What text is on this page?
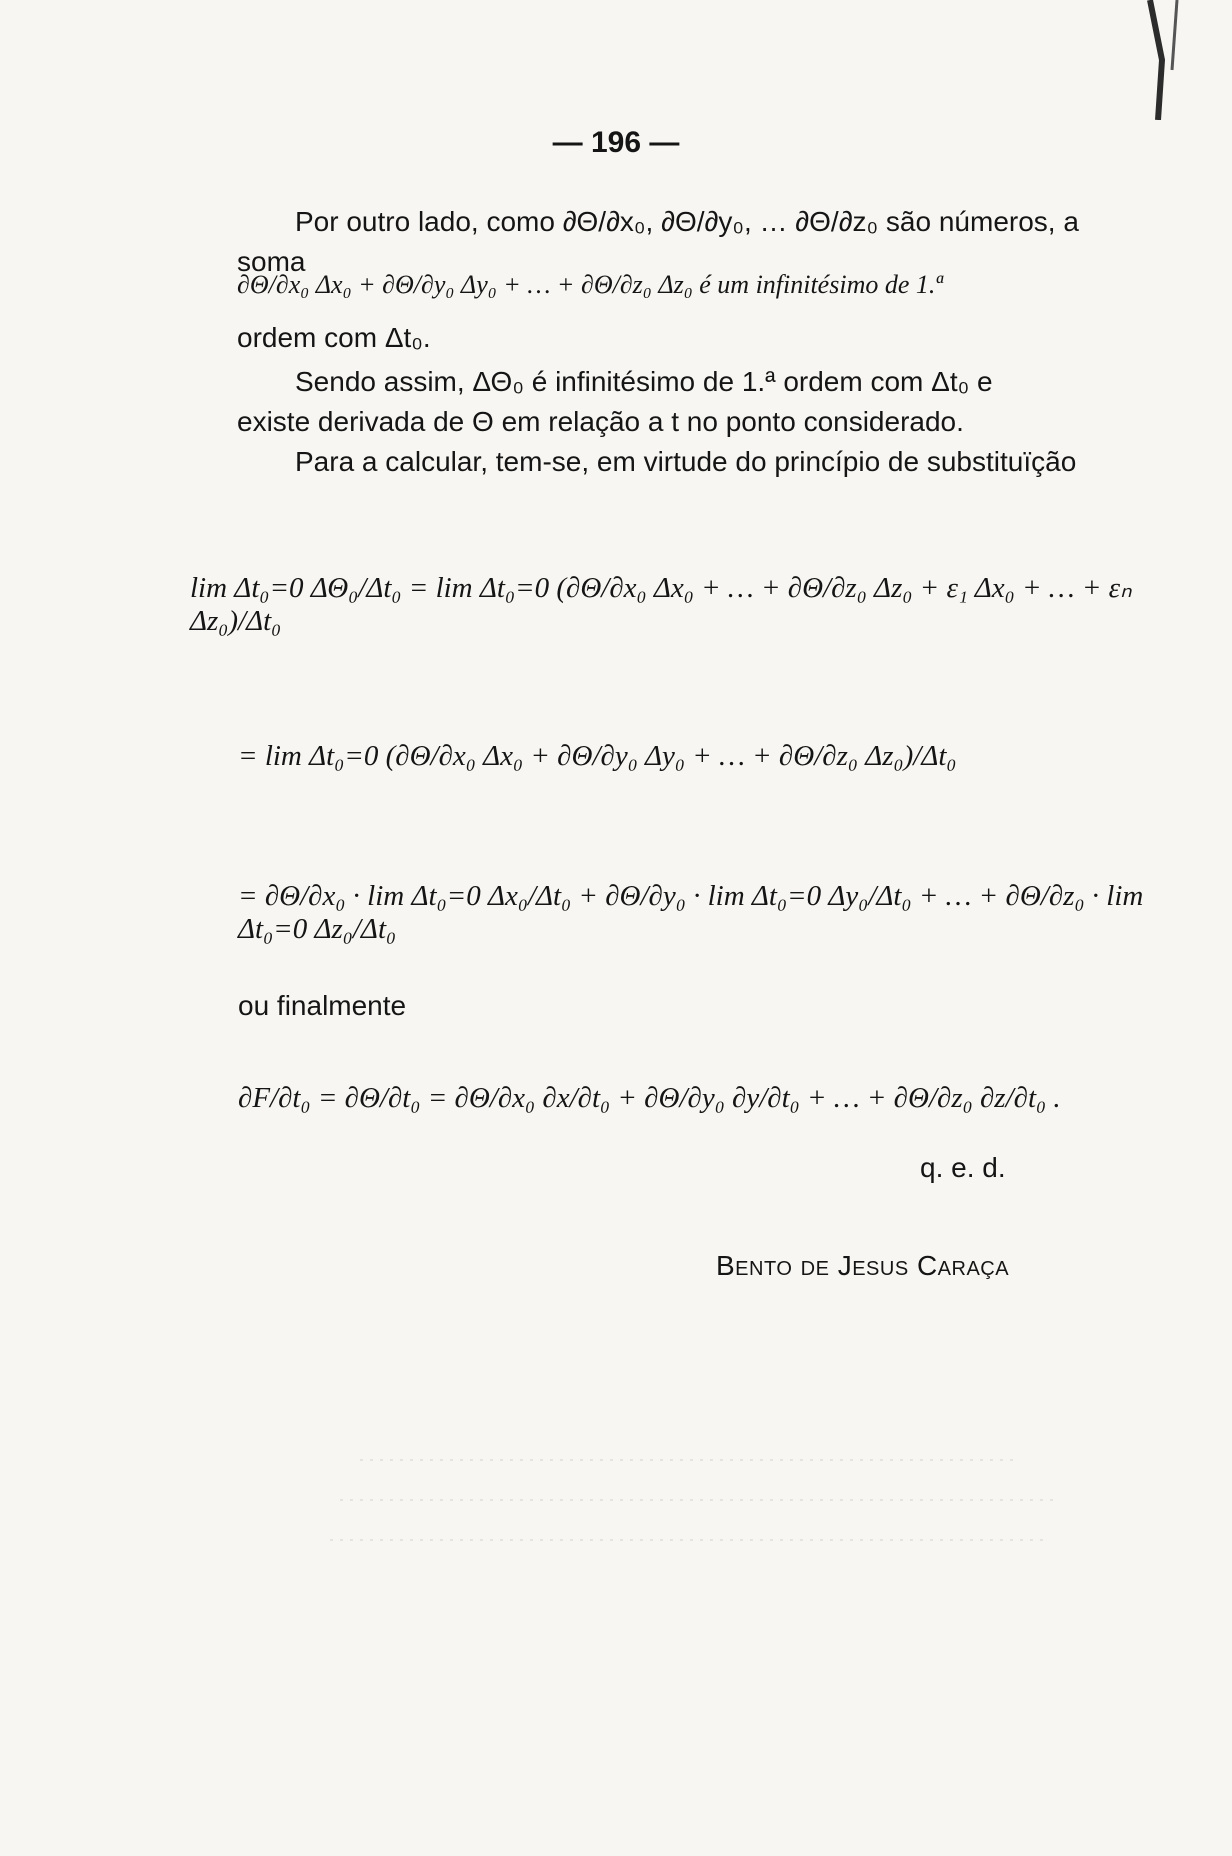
— 196 —
Por outro lado, como ∂Θ/∂x₀, ∂Θ/∂y₀, … ∂Θ/∂z₀ são números, a soma
∂Θ/∂x₀ Δx₀ + ∂Θ/∂y₀ Δy₀ + … + ∂Θ/∂z₀ Δz₀ é um infinitésimo de 1.ª
ordem com Δt₀.
Sendo assim, ΔΘ₀ é infinitésimo de 1.ª ordem com Δt₀ e
existe derivada de Θ em relação a t no ponto considerado.
Para a calcular, tem-se, em virtude do princípio de substituïção
lim Δt₀=0 ΔΘ₀/Δt₀ = lim Δt₀=0 (∂Θ/∂x₀ Δx₀ + … + ∂Θ/∂z₀ Δz₀ + ε₁ Δx₀ + … + εₙ Δz₀)/Δt₀
= lim Δt₀=0 (∂Θ/∂x₀ Δx₀ + ∂Θ/∂y₀ Δy₀ + … + ∂Θ/∂z₀ Δz₀)/Δt₀
= ∂Θ/∂x₀ · lim Δt₀=0 Δx₀/Δt₀ + ∂Θ/∂y₀ · lim Δt₀=0 Δy₀/Δt₀ + … + ∂Θ/∂z₀ · lim Δt₀=0 Δz₀/Δt₀
ou finalmente
∂F/∂t₀ = ∂Θ/∂t₀ = ∂Θ/∂x₀ ∂x/∂t₀ + ∂Θ/∂y₀ ∂y/∂t₀ + … + ∂Θ/∂z₀ ∂z/∂t₀ .
q. e. d.
Bento de Jesus Caraça
